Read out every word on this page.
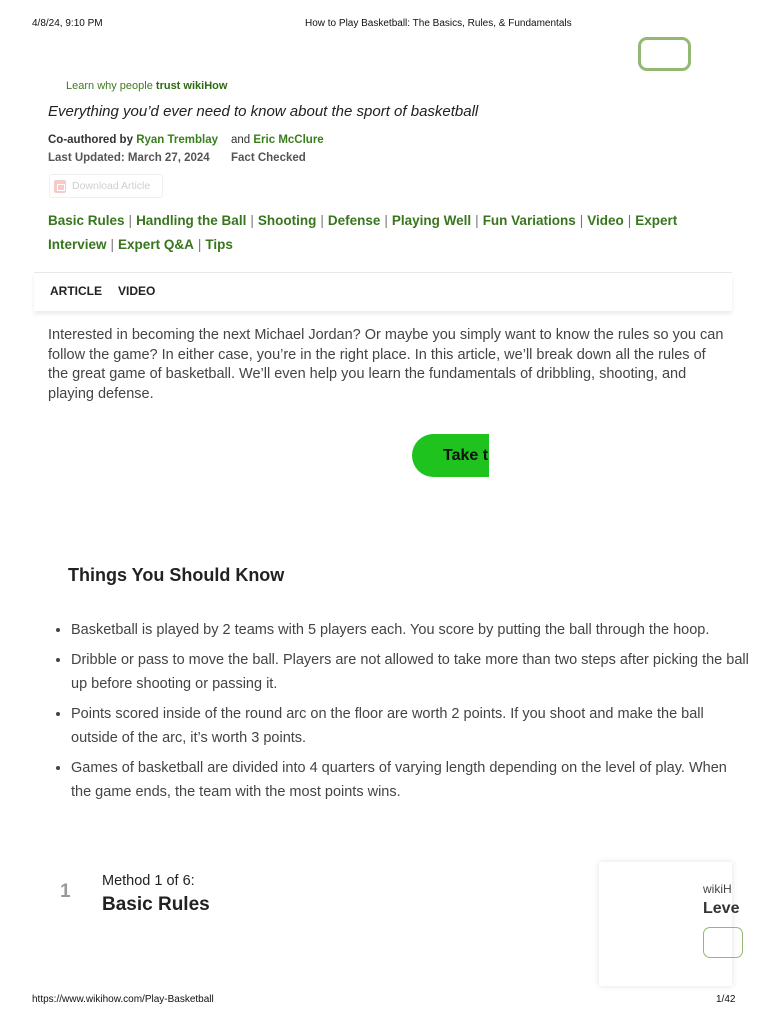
4/8/24, 9:10 PM	How to Play Basketball: The Basics, Rules, & Fundamentals
Learn why people trust wikiHow
Everything you’d ever need to know about the sport of basketball
Co-authored by Ryan Tremblay and Eric McClure
Last Updated: March 27, 2024 Fact Checked
Download Article
Basic Rules | Handling the Ball | Shooting | Defense | Playing Well | Fun Variations | Video | Expert Interview | Expert Q&A | Tips
ARTICLE VIDEO
Interested in becoming the next Michael Jordan? Or maybe you simply want to know the rules so you can follow the game? In either case, you’re in the right place. In this article, we’ll break down all the rules of the great game of basketball. We’ll even help you learn the fundamentals of dribbling, shooting, and playing defense.
Take t
Things You Should Know
• Basketball is played by 2 teams with 5 players each. You score by putting the ball through the hoop.
• Dribble or pass to move the ball. Players are not allowed to take more than two steps after picking the ball up before shooting or passing it.
• Points scored inside of the round arc on the floor are worth 2 points. If you shoot and make the ball outside of the arc, it’s worth 3 points.
• Games of basketball are divided into 4 quarters of varying length depending on the level of play. When the game ends, the team with the most points wins.
1 Method 1 of 6:
Basic Rules
wikiH
Leve
https://www.wikihow.com/Play-Basketball	1/42
